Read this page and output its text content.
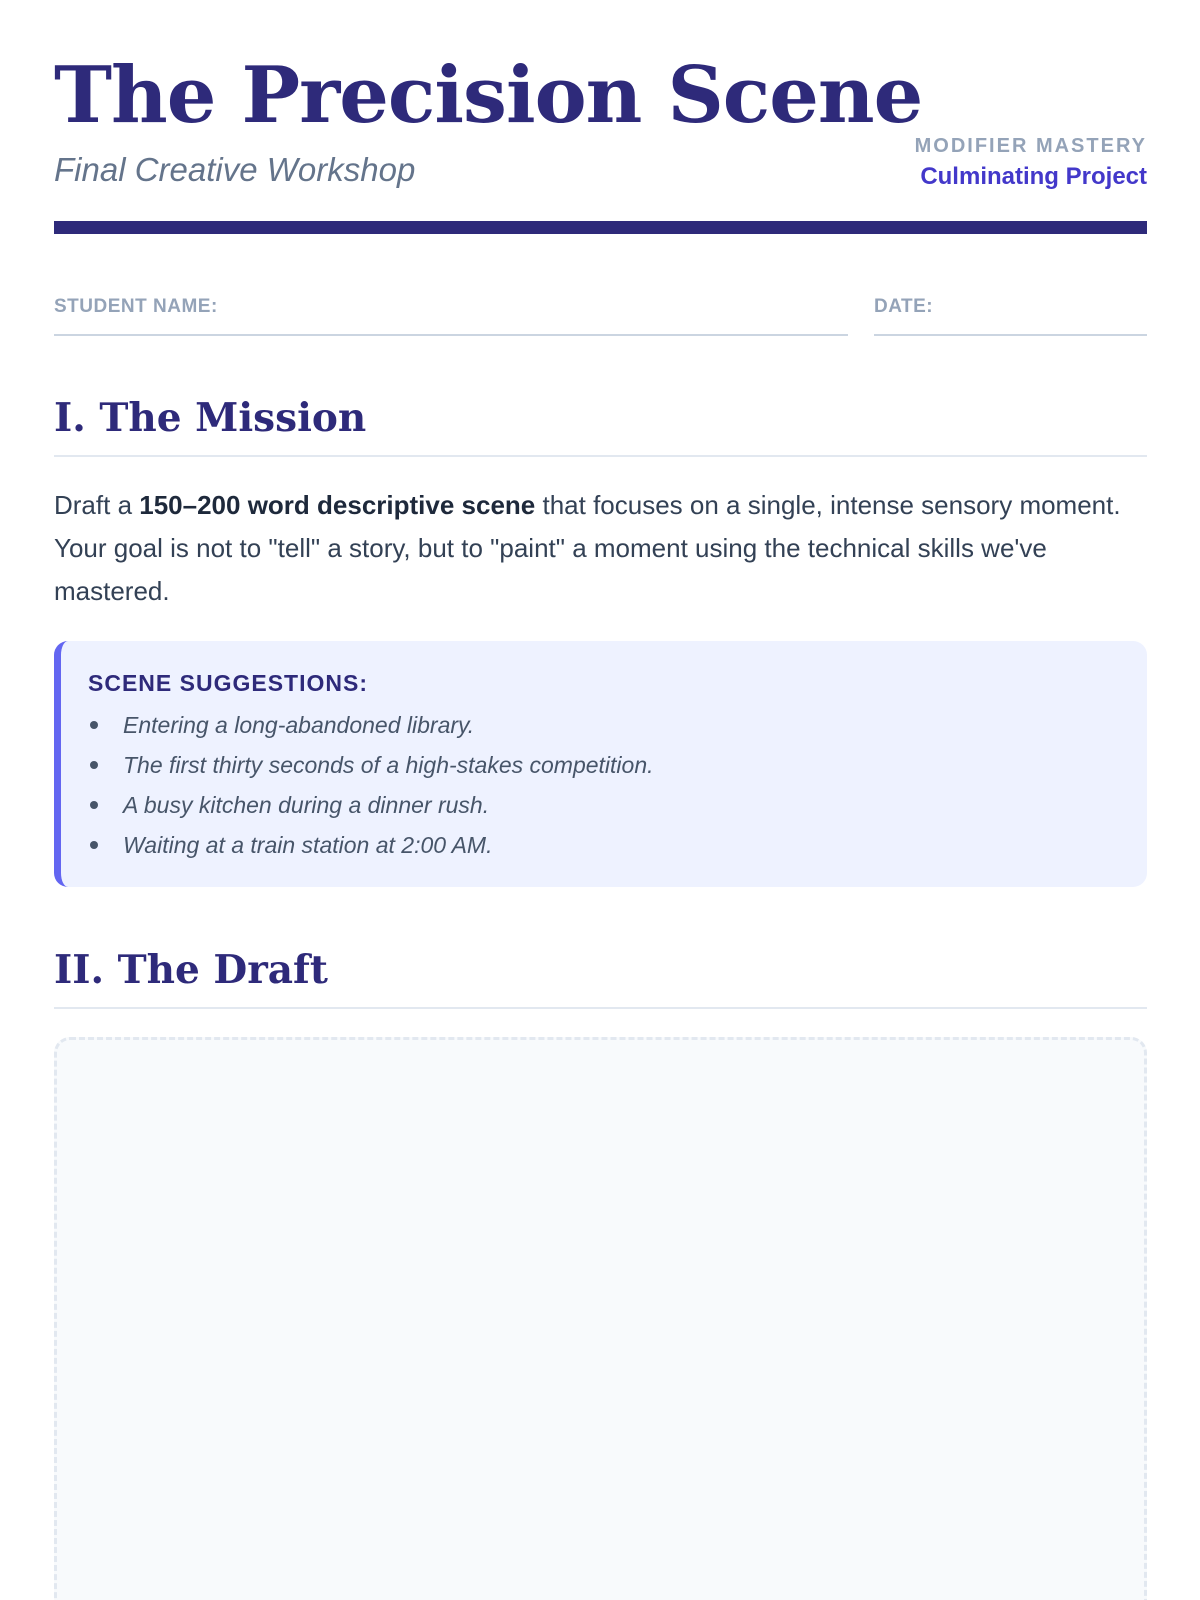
The Precision Scene
Final Creative Workshop
MODIFIER MASTERY
Culminating Project
STUDENT NAME:	DATE:
I. The Mission

Draft a 150–200 word descriptive scene that focuses on a single, intense sensory moment. Your goal is not to "tell" a story, but to "paint" a moment using the technical skills we've mastered.

SCENE SUGGESTIONS:
Entering a long-abandoned library.
The first thirty seconds of a high-stakes competition.
A busy kitchen during a dinner rush.
Waiting at a train station at 2:00 AM.
II. The Draft
